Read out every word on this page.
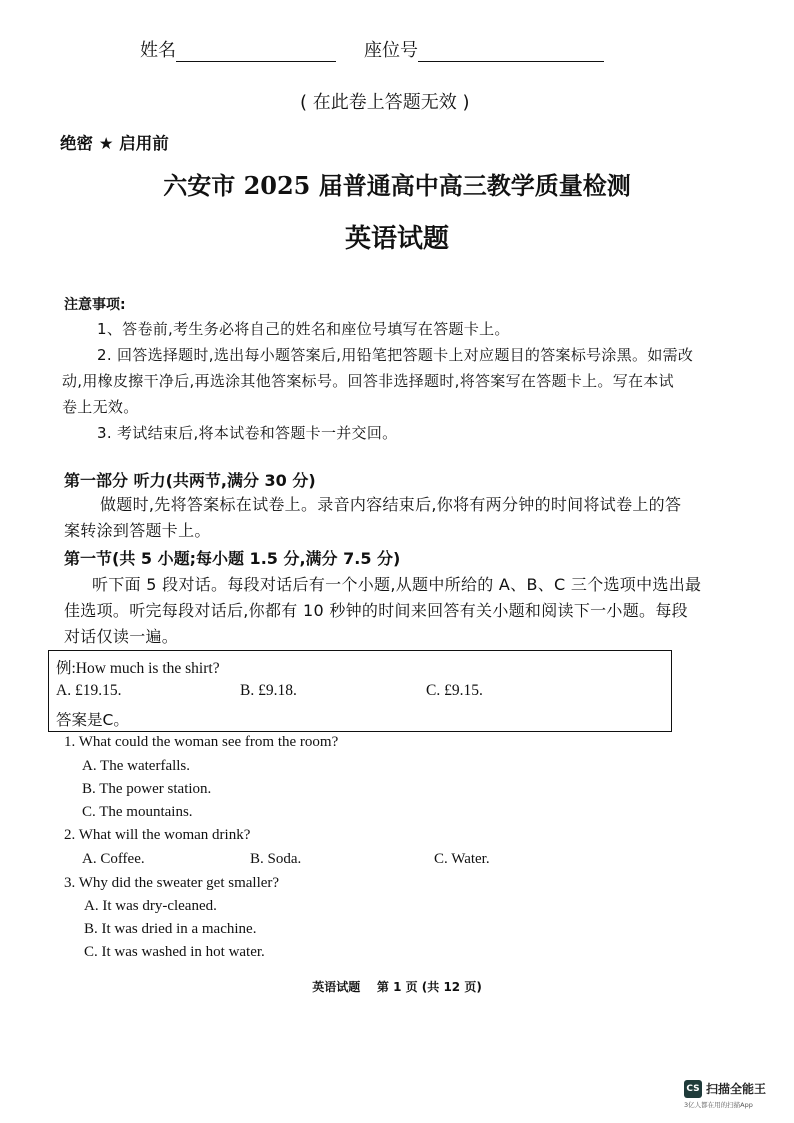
姓名	座位号
( 在此卷上答题无效 )
绝密 ★ 启用前
六安市 2025 届普通高中高三教学质量检测
英语试题
注意事项:
1、答卷前,考生务必将自己的姓名和座位号填写在答题卡上。
2. 回答选择题时,选出每小题答案后,用铅笔把答题卡上对应题目的答案标号涂黑。如需改
动,用橡皮擦干净后,再选涂其他答案标号。回答非选择题时,将答案写在答题卡上。写在本试
卷上无效。
3. 考试结束后,将本试卷和答题卡一并交回。
第一部分 听力(共两节,满分 30 分)
做题时,先将答案标在试卷上。录音内容结束后,你将有两分钟的时间将试卷上的答
案转涂到答题卡上。
第一节(共 5 小题;每小题 1.5 分,满分 7.5 分)
听下面 5 段对话。每段对话后有一个小题,从题中所给的 A、B、C 三个选项中选出最
佳选项。听完每段对话后,你都有 10 秒钟的时间来回答有关小题和阅读下一小题。每段
对话仅读一遍。
例:How much is the shirt?
A. £19.15.	B. £9.18.	C. £9.15.
答案是C。
1. What could the woman see from the room?
A. The waterfalls.
B. The power station.
C. The mountains.
2. What will the woman drink?
A. Coffee.	B. Soda.	C. Water.
3. Why did the sweater get smaller?
A. It was dry-cleaned.
B. It was dried in a machine.
C. It was washed in hot water.
英语试题    第 1 页 (共 12 页)
CS 扫描全能王
3亿人都在用的扫描App
